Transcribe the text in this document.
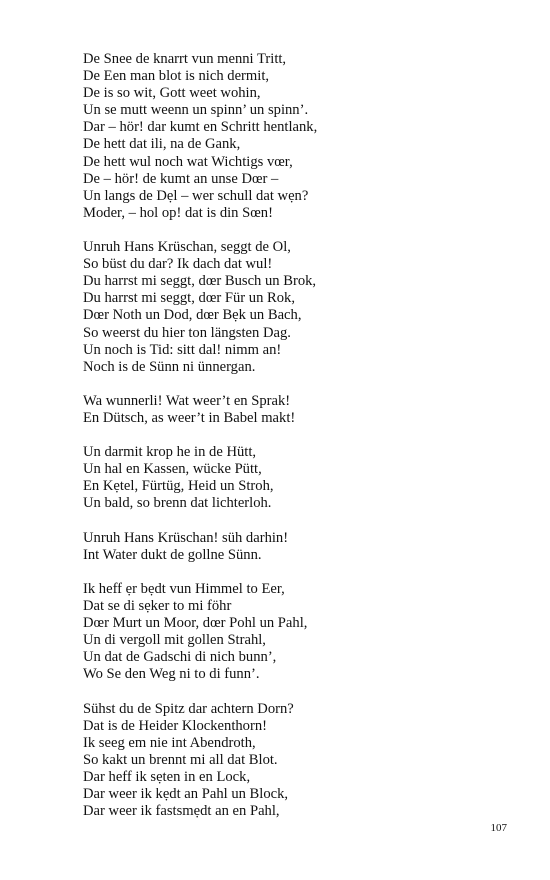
De Snee de knarrt vun menni Tritt,
De Een man blot is nich dermit,
De is so wit, Gott weet wohin,
Un se mutt weenn un spinn’ un spinn’.
Dar – hör! dar kumt en Schritt hentlank,
De hett dat ili, na de Gank,
De hett wul noch wat Wichtigs vœr,
De – hör! de kumt an unse Dœr –
Un langs de Dẹl – wer schull dat wẹn?
Moder, – hol op! dat is din Sœn!
Unruh Hans Krüschan, seggt de Ol,
So büst du dar? Ik dach dat wul!
Du harrst mi seggt, dœr Busch un Brok,
Du harrst mi seggt, dœr Für un Rok,
Dœr Noth un Dod, dœr Bẹk un Bach,
So weerst du hier ton längsten Dag.
Un noch is Tid: sitt dal! nimm an!
Noch is de Sünn ni ünnergan.
Wa wunnerli! Wat weer’t en Sprak!
En Dütsch, as weer’t in Babel makt!
Un darmit krop he in de Hütt,
Un hal en Kassen, wücke Pütt,
En Kẹtel, Fürtüg, Heid un Stroh,
Un bald, so brenn dat lichterloh.
Unruh Hans Krüschan! süh darhin!
Int Water dukt de gollne Sünn.
Ik heff ẹr bẹdt vun Himmel to Eer,
Dat se di sẹker to mi föhr
Dœr Murt un Moor, dœr Pohl un Pahl,
Un di vergoll mit gollen Strahl,
Un dat de Gadschi di nich bunn’,
Wo Se den Weg ni to di funn’.
Sühst du de Spitz dar achtern Dorn?
Dat is de Heider Klockenthorn!
Ik seeg em nie int Abendroth,
So kakt un brennt mi all dat Blot.
Dar heff ik sẹten in en Lock,
Dar weer ik kẹdt an Pahl un Block,
Dar weer ik fastsmẹdt an en Pahl,
107
